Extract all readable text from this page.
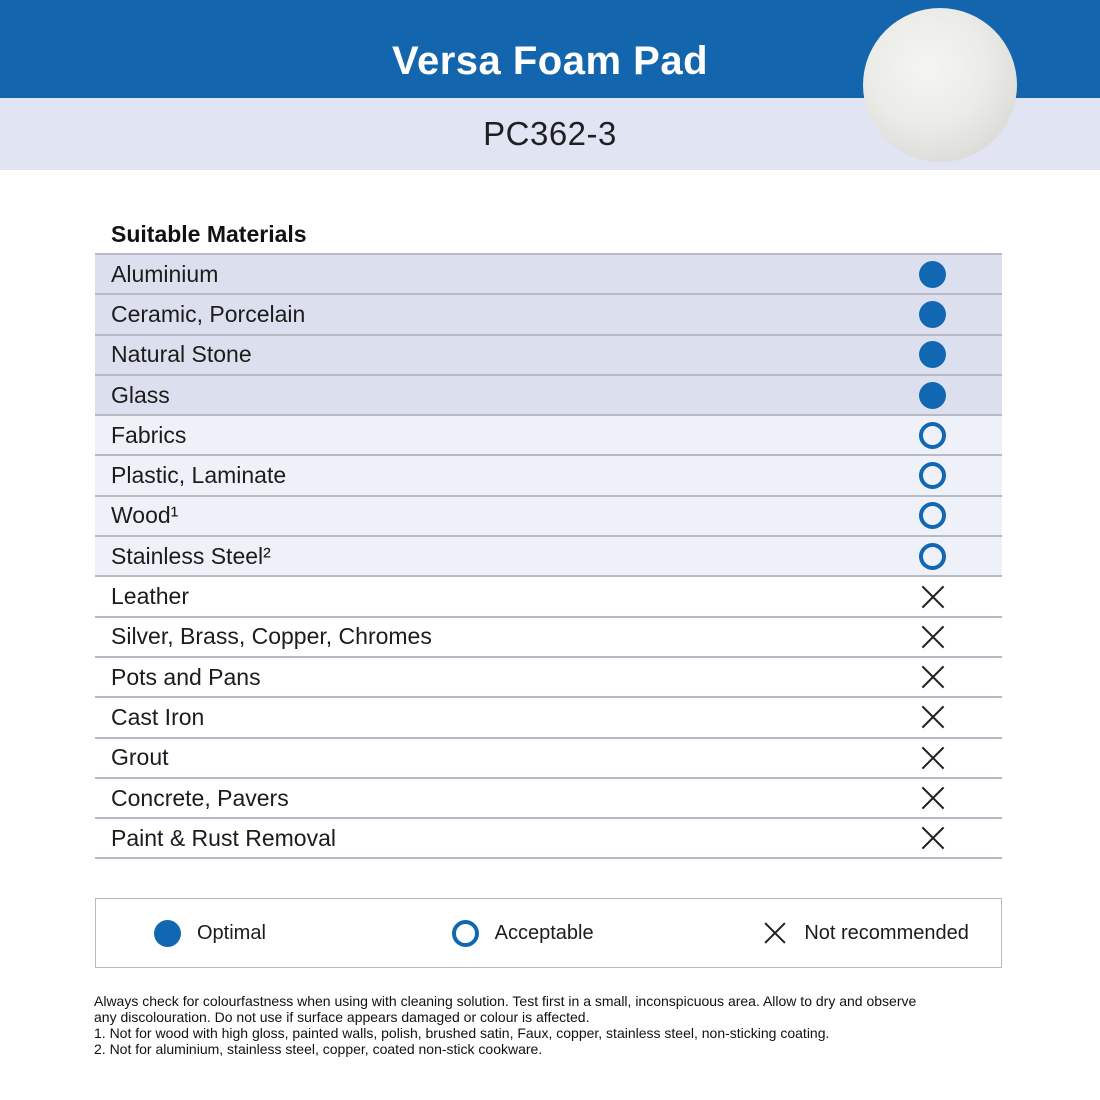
Versa Foam Pad
PC362-3
Suitable Materials
Aluminium
Ceramic, Porcelain
Natural Stone
Glass
Fabrics
Plastic, Laminate
Wood¹
Stainless Steel²
Leather
Silver, Brass, Copper, Chromes
Pots and Pans
Cast Iron
Grout
Concrete, Pavers
Paint & Rust Removal
Optimal	Acceptable	Not recommended

Always check for colourfastness when using with cleaning solution. Test first in a small, inconspicuous area. Allow to dry and observe any discolouration. Do not use if surface appears damaged or colour is affected.

1. Not for wood with high gloss, painted walls, polish, brushed satin, Faux, copper, stainless steel, non-sticking coating.

2. Not for aluminium, stainless steel, copper, coated non-stick cookware.
